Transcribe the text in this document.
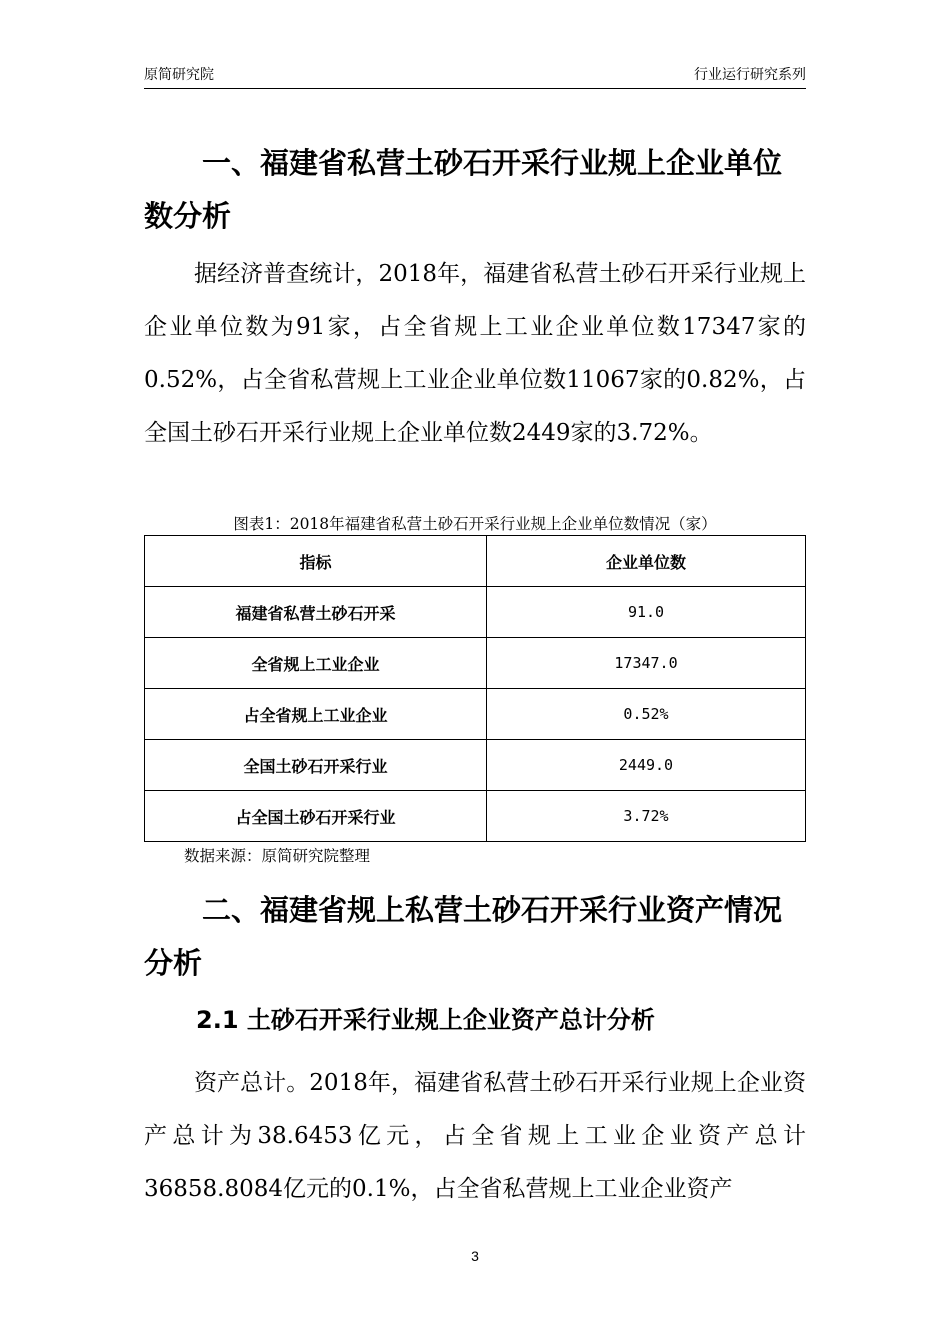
原简研究院	行业运行研究系列
一、福建省私营土砂石开采行业规上企业单位数分析

据经济普查统计，2018年，福建省私营土砂石开采行业规上企业单位数为91家，占全省规上工业企业单位数17347家的0.52%，占全省私营规上工业企业单位数11067家的0.82%，占全国土砂石开采行业规上企业单位数2449家的3.72%。

图表1：2018年福建省私营土砂石开采行业规上企业单位数情况（家）
指标	企业单位数
福建省私营土砂石开采	91.0
全省规上工业企业	17347.0
占全省规上工业企业	0.52%
全国土砂石开采行业	2449.0
占全国土砂石开采行业	3.72%
数据来源：原简研究院整理
二、福建省规上私营土砂石开采行业资产情况分析
2.1 土砂石开采行业规上企业资产总计分析

资产总计。2018年，福建省私营土砂石开采行业规上企业资产总计为38.6453亿元，占全省规上工业企业资产总计36858.8084亿元的0.1%，占全省私营规上工业企业资产

3
